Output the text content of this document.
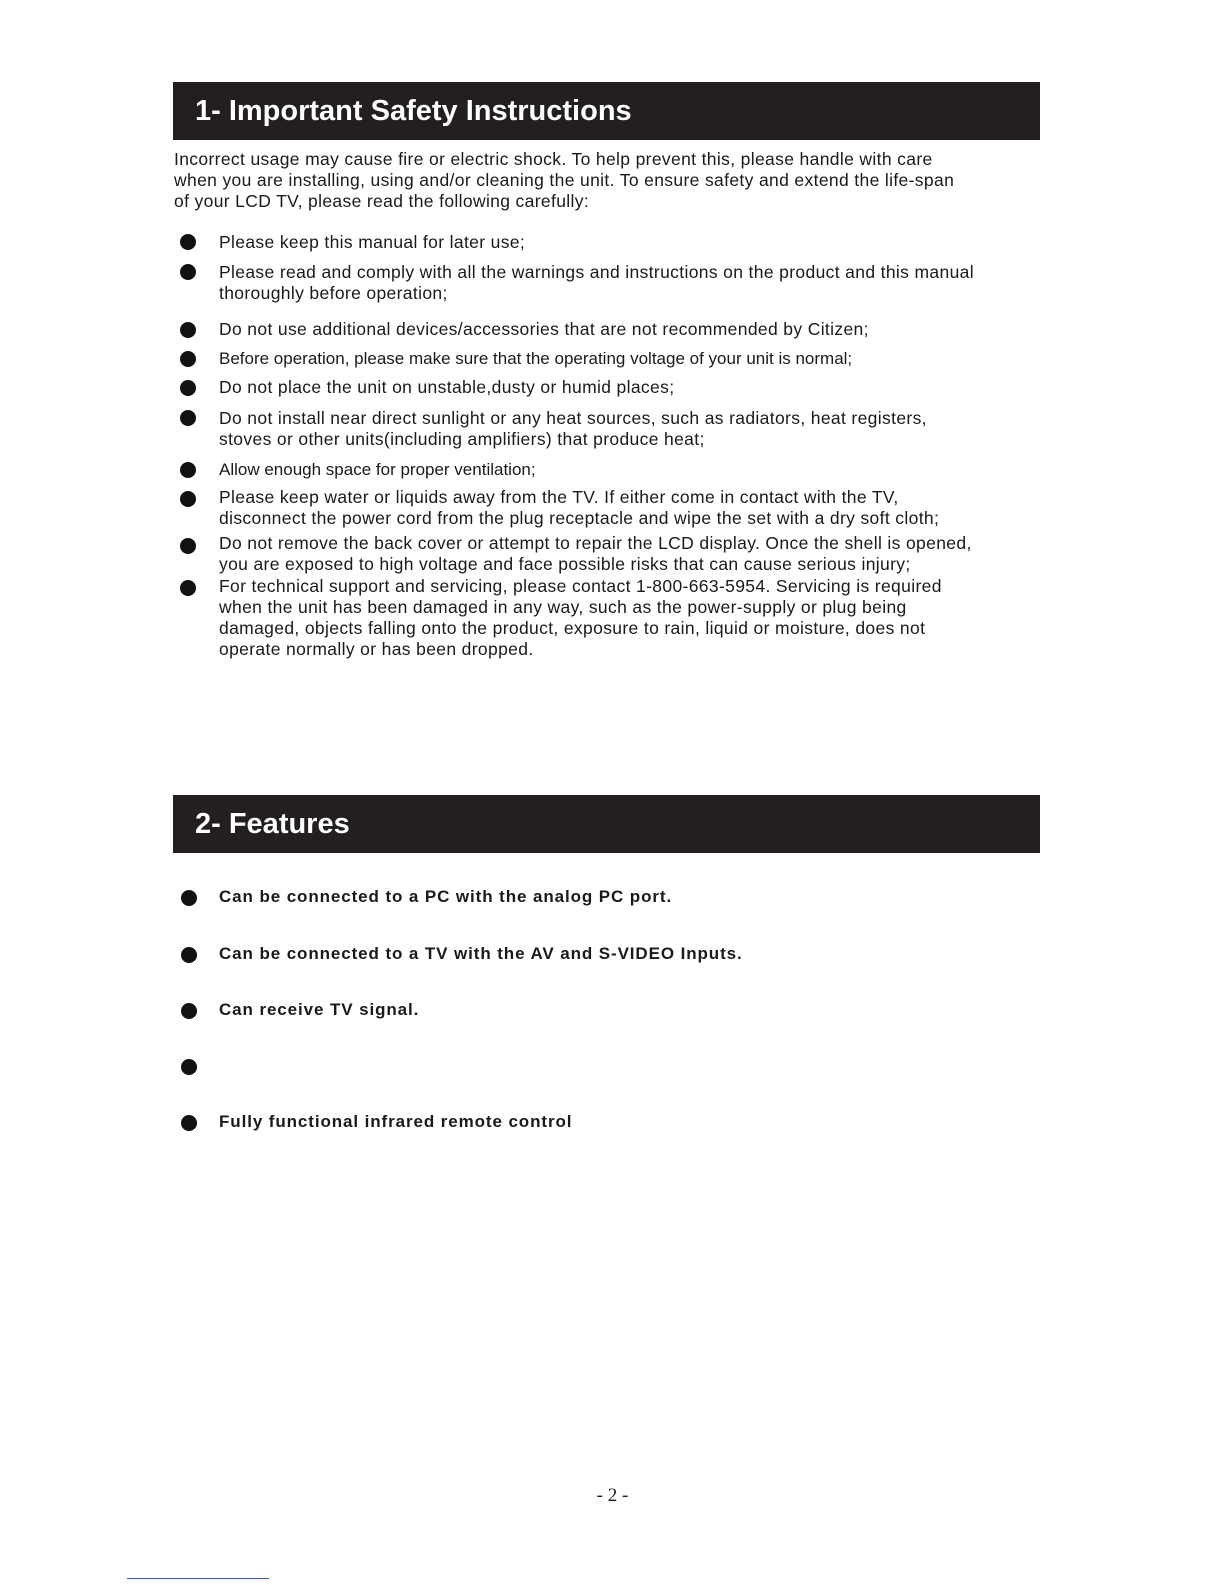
1- Important Safety Instructions
Incorrect usage may cause fire or electric shock. To help prevent this, please handle with care
when you are installing, using and/or cleaning the unit. To ensure safety and extend the life-span
of your LCD TV, please read the following carefully:
Please keep this manual for later use;
Please read and comply with all the warnings and instructions on the product and this manual
thoroughly before operation;
Do not use additional devices/accessories that are not recommended by Citizen;
Before operation, please make sure that the operating voltage of your unit is normal;
Do not place the unit on unstable,dusty or humid places;
Do not install near direct sunlight or any heat sources, such as radiators, heat registers,
stoves or other units(including amplifiers) that produce heat;
Allow enough space for proper ventilation;
Please keep water or liquids away from the TV. If either come in contact with the TV,
disconnect the power cord from the plug receptacle and wipe the set with a dry soft cloth;
Do not remove the back cover or attempt to repair the LCD display. Once the shell is opened,
you are exposed to high voltage and face possible risks that can cause serious injury;
For technical support and servicing, please contact 1-800-663-5954. Servicing is required
when the unit has been damaged in any way, such as the power-supply or plug being
damaged, objects falling onto the product, exposure to rain, liquid or moisture, does not
operate normally or has been dropped.
2- Features
Can be connected to a PC with the analog PC port.
Can be connected to a TV with the AV and S-VIDEO Inputs.
Can receive TV signal.
Fully functional infrared remote control
- 2 -
